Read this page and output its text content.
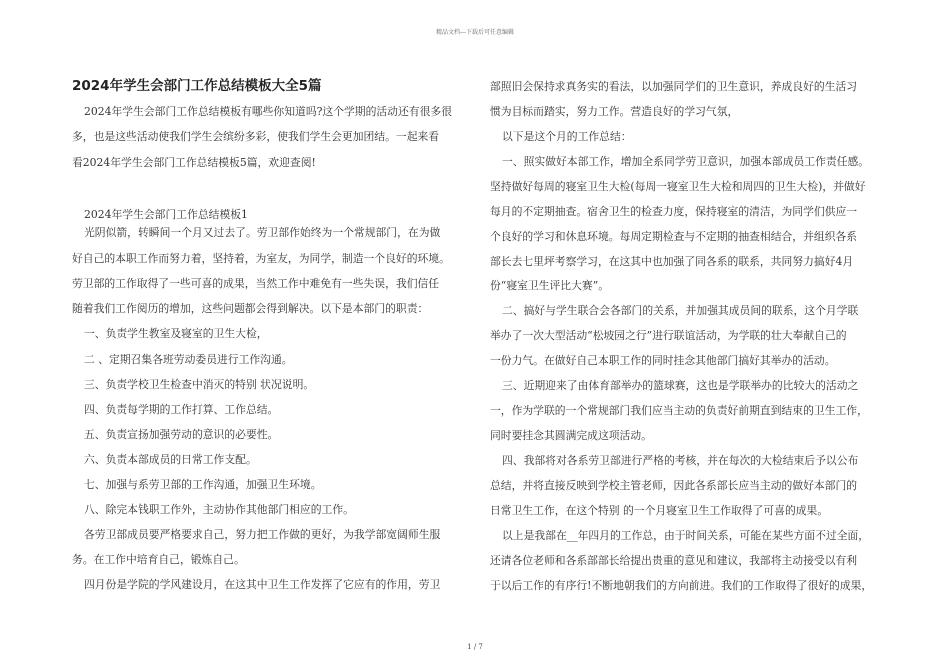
精品文档---下载后可任意编辑
2024年学生会部门工作总结模板大全5篇
2024年学生会部门工作总结模板有哪些你知道吗?这个学期的活动还有很多很
多，也是这些活动使我们学生会缤纷多彩，使我们学生会更加团结。一起来看
看2024年学生会部门工作总结模板5篇，欢迎查阅!
2024年学生会部门工作总结模板1
光阴似箭，转瞬间一个月又过去了。劳卫部作始终为一个常规部门，在为做
好自己的本职工作而努力着，坚持着，为室友，为同学，制造一个良好的环境。
劳卫部的工作取得了一些可喜的成果，当然工作中难免有一些失误，我们信任
随着我们工作阅历的增加，这些问题都会得到解决。以下是本部门的职责：
一、负责学生教室及寝室的卫生大检，
二 、定期召集各班劳动委员进行工作沟通。
三、负责学校卫生检查中消灭的特别 状况说明。
四、负责每学期的工作打算、工作总结。
五、负责宣扬加强劳动的意识的必要性。
六、负责本部成员的日常工作支配。
七、加强与系劳卫部的工作沟通，加强卫生环境。
八、除完本钱职工作外，主动协作其他部门相应的工作。
各劳卫部成员要严格要求自己，努力把工作做的更好，为我学部宽阔师生服
务。在工作中培育自己，锻炼自己。
四月份是学院的学风建设月，在这其中卫生工作发挥了它应有的作用，劳卫
部照旧会保持求真务实的看法，以加强同学们的卫生意识，养成良好的生活习
惯为目标而踏实，努力工作。营造良好的学习气氛，
以下是这个月的工作总结：
一、照实做好本部工作，增加全系同学劳卫意识，加强本部成员工作责任感。
坚持做好每周的寝室卫生大检(每周一寝室卫生大检和周四的卫生大检)，并做好
每月的不定期抽查。宿舍卫生的检查力度，保持寝室的清洁，为同学们供应一
个良好的学习和休息环境。每周定期检查与不定期的抽查相结合，并组织各系
部长去七里坪考察学习，在这其中也加强了同各系的联系，共同努力搞好4月
份“寝室卫生评比大赛”。
二、搞好与学生联合会各部门的关系，并加强其成员间的联系，这个月学联
举办了一次大型活动“松坡园之行”进行联谊活动，为学联的壮大奉献自己的
一份力气。在做好自己本职工作的同时挂念其他部门搞好其举办的活动。
三、近期迎来了由体育部举办的篮球赛，这也是学联举办的比较大的活动之
一，作为学联的一个常规部门我们应当主动的负责好前期直到结束的卫生工作，
同时要挂念其圆满完成这项活动。
四、我部将对各系劳卫部进行严格的考核，并在每次的大检结束后予以公布
总结，并将直接反映到学校主管老师，因此各系部长应当主动的做好本部门的
日常卫生工作，在这个特别 的一个月寝室卫生工作取得了可喜的成果。
以上是我部在__年四月的工作总，由于时间关系，可能在某些方面不过全面，
还请各位老师和各系部部长给提出贵重的意见和建议，我部将主动接受以有利
于以后工作的有序行!不断地朝我们的方向前进。我们的工作取得了很好的成果，
1 / 7
